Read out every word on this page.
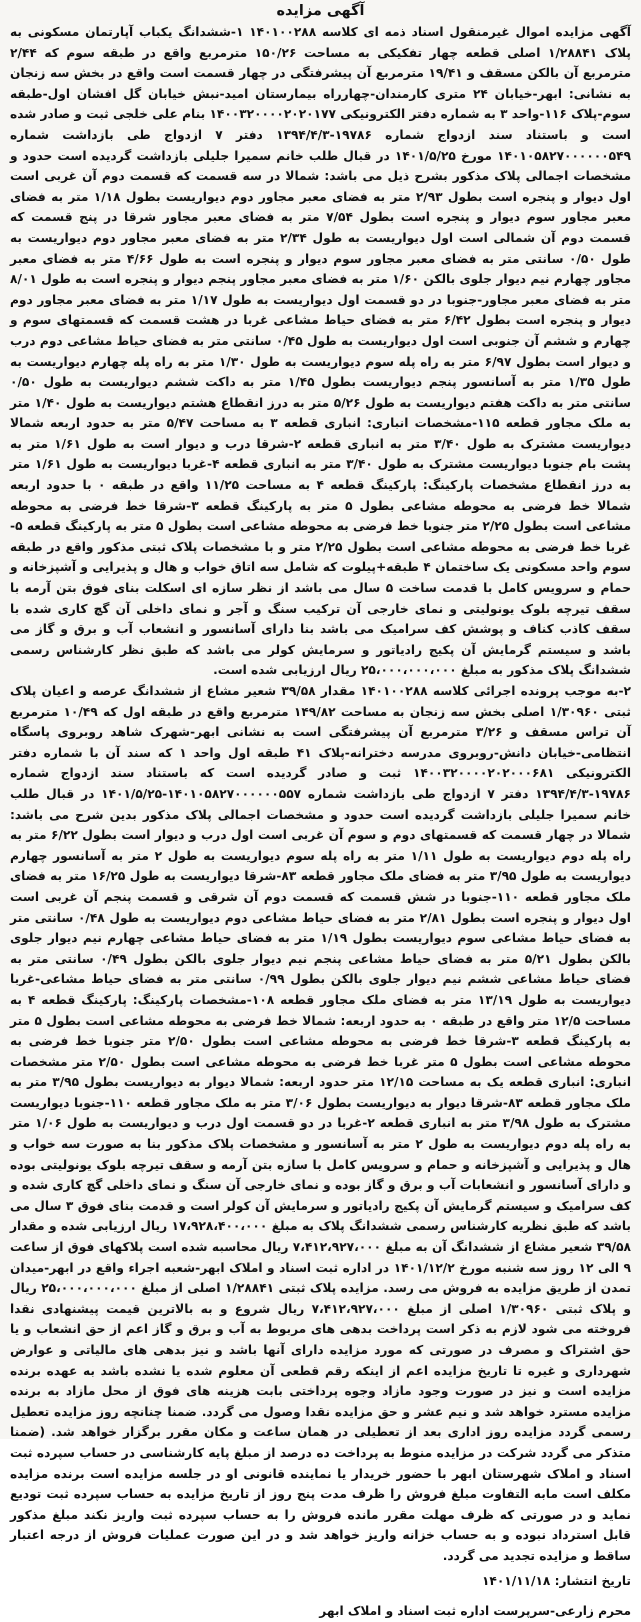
آگهی مزایده

آگهی مزایده اموال غیرمنقول اسناد ذمه ای کلاسه ۱۴۰۱۰۰۲۸۸ ۱-ششدانگ یکباب آپارتمان مسکونی به پلاک ۱/۲۸۸۴۱ اصلی قطعه چهار تفکیکی به مساحت ۱۵۰/۲۶ مترمربع واقع در طبقه سوم که ۲/۴۴ مترمربع آن بالکن مسقف و ۱۹/۴۱ مترمربع آن پیشرفتگی در چهار قسمت است واقع در بخش سه زنجان به نشانی: ابهر-خیابان ۲۴ متری کارمندان-چهارراه بیمارستان امید-نبش خیابان گل افشان اول-طبقه سوم-پلاک ۱۱۶-واحد ۳ به شماره دفتر الکترونیکی ۱۴۰۰۳۲۰۰۰۰۲۰۲۰۱۷۷ بنام علی خلجی ثبت و صادر شده است و باستناد سند ازدواج شماره ۱۹۷۸۶-۱۳۹۴/۴/۳ دفتر ۷ ازدواج طی بازداشت شماره ۱۴۰۱۰۵۸۲۷۰۰۰۰۰۰۵۴۹ مورخ ۱۴۰۱/۵/۲۵ در قبال طلب خانم سمیرا جلیلی بازداشت گردیده است حدود و مشخصات اجمالی پلاک مذکور بشرح ذیل می باشد: شمالا در سه قسمت که قسمت دوم آن غربی است اول دیوار و پنجره است بطول ۲/۹۳ متر به فضای معبر مجاور دوم دیواریست بطول ۱/۱۸ متر به فضای معبر مجاور سوم دیوار و پنجره است بطول ۷/۵۴ متر به فضای معبر مجاور شرقا در پنج قسمت که قسمت دوم آن شمالی است اول دیواریست به طول ۲/۳۴ متر به فضای معبر مجاور دوم دیواریست به طول ۰/۵۰ سانتی متر به فضای معبر مجاور سوم دیوار و پنجره است به طول ۴/۶۶ متر به فضای معبر مجاور چهارم نیم دیوار جلوی بالکن ۱/۶۰ متر به فضای معبر مجاور پنجم دیوار و پنجره است به طول ۸/۰۱ متر به فضای معبر مجاور-جنوبا در دو قسمت اول دیواریست به طول ۱/۱۷ متر به فضای معبر مجاور دوم دیوار و پنجره است بطول ۶/۴۲ متر به فضای حیاط مشاعی غربا در هشت قسمت که قسمتهای سوم و چهارم و ششم آن جنوبی است اول دیواریست به طول ۰/۴۵ سانتی متر به فضای حیاط مشاعی دوم درب و دیوار است بطول ۶/۹۷ متر به راه پله سوم دیواریست به طول ۱/۳۰ متر به راه پله چهارم دیواریست به طول ۱/۳۵ متر به آسانسور پنجم دیواریست بطول ۱/۴۵ متر به داکت ششم دیواریست به طول ۰/۵۰ سانتی متر به داکت هفتم دیواریست به طول ۵/۲۶ متر به درز انقطاع هشتم دیواریست به طول ۱/۴۰ متر به ملک مجاور قطعه ۱۱۵-مشخصات انباری: انباری قطعه ۳ به مساحت ۵/۴۷ متر به حدود اربعه شمالا دیواریست مشترک به طول ۳/۴۰ متر به انباری قطعه ۲-شرقا درب و دیوار است به طول ۱/۶۱ متر به پشت بام جنوبا دیواریست مشترک به طول ۳/۴۰ متر به انباری قطعه ۴-غربا دیواریست به طول ۱/۶۱ متر به درز انقطاع مشخصات پارکینگ: پارکینگ قطعه ۴ به مساحت ۱۱/۲۵ واقع در طبقه ۰ با حدود اربعه شمالا خط فرضی به محوطه مشاعی بطول ۵ متر به پارکینگ قطعه ۳-شرقا خط فرضی به محوطه مشاعی است بطول ۲/۲۵ متر جنوبا خط فرضی به محوطه مشاعی است بطول ۵ متر به پارکینگ قطعه ۵-غربا خط فرضی به محوطه مشاعی است بطول ۲/۲۵ متر و با مشخصات پلاک ثبتی مذکور واقع در طبقه سوم واحد مسکونی یک ساختمان ۴ طبقه+پیلوت که شامل سه اتاق خواب و هال و پذیرایی و آشپزخانه و حمام و سرویس کامل با قدمت ساخت ۵ سال می باشد از نظر سازه ای اسکلت بنای فوق بتن آرمه با سقف تیرچه بلوک یونولیتی و نمای خارجی آن ترکیب سنگ و آجر و نمای داخلی آن گچ کاری شده با سقف کاذب کناف و پوشش کف سرامیک می باشد بنا دارای آسانسور و انشعاب آب و برق و گاز می باشد و سیستم گرمایش آن پکیج رادیاتور و سرمایش کولر می باشد که طبق نظر کارشناس رسمی ششدانگ پلاک مذکور به مبلغ ۲۵،۰۰۰،۰۰۰،۰۰۰ ریال ارزیابی شده است.

۲-به موجب پرونده اجرائی کلاسه ۱۴۰۱۰۰۲۸۸ مقدار ۳۹/۵۸ شعیر مشاع از ششدانگ عرصه و اعیان پلاک ثبتی ۱/۳۰۹۶۰ اصلی بخش سه زنجان به مساحت ۱۴۹/۸۲ مترمربع واقع در طبقه اول که ۱۰/۴۹ مترمربع آن تراس مسقف و ۳/۲۶ مترمربع آن پیشرفتگی است به نشانی ابهر-شهرک شاهد روبروی پاسگاه انتظامی-خیابان دانش-روبروی مدرسه دخترانه-پلاک ۴۱ طبقه اول واحد ۱ که سند آن با شماره دفتر الکترونیکی ۱۴۰۰۳۲۰۰۰۰۲۰۲۰۰۰۶۸۱ ثبت و صادر گردیده است که باستناد سند ازدواج شماره ۱۹۷۸۶-۱۳۹۴/۴/۳ دفتر ۷ ازدواج طی بازداشت شماره ۱۴۰۱۰۵۸۲۷۰۰۰۰۰۰۵۵۷-۱۴۰۱/۵/۲۵ در قبال طلب خانم سمیرا جلیلی بازداشت گردیده است حدود و مشخصات اجمالی پلاک مذکور بدین شرح می باشد: شمالا در چهار قسمت که قسمتهای دوم و سوم آن غربی است اول درب و دیوار است بطول ۶/۲۲ متر به راه پله دوم دیواریست به طول ۱/۱۱ متر به راه پله سوم دیواریست به طول ۲ متر به آسانسور چهارم دیواریست به طول ۳/۹۵ متر به فضای ملک مجاور قطعه ۸۳-شرقا دیواریست به طول ۱۶/۲۵ متر به فضای ملک مجاور قطعه ۱۱۰-جنوبا در شش قسمت که قسمت دوم آن شرقی و قسمت پنجم آن غربی است اول دیوار و پنجره است بطول ۲/۸۱ متر به فضای حیاط مشاعی دوم دیواریست به طول ۰/۴۸ سانتی متر به فضای حیاط مشاعی سوم دیواریست بطول ۱/۱۹ متر به فضای حیاط مشاعی چهارم نیم دیوار جلوی بالکن بطول ۵/۲۱ متر به فضای حیاط مشاعی پنجم نیم دیوار جلوی بالکن بطول ۰/۴۹ سانتی متر به فضای حیاط مشاعی ششم نیم دیوار جلوی بالکن بطول ۰/۹۹ سانتی متر به فضای حیاط مشاعی-غربا دیواریست به طول ۱۳/۱۹ متر به فضای ملک مجاور قطعه ۱۰۸-مشخصات پارکینگ: پارکینگ قطعه ۴ به مساحت ۱۲/۵ متر واقع در طبقه ۰ به حدود اربعه: شمالا خط فرضی به محوطه مشاعی است بطول ۵ متر به پارکینگ قطعه ۳-شرقا خط فرضی به محوطه مشاعی است بطول ۲/۵۰ متر جنوبا خط فرضی به محوطه مشاعی است بطول ۵ متر غربا خط فرضی به محوطه مشاعی است بطول ۲/۵۰ متر مشخصات انباری: انباری قطعه یک به مساحت ۱۲/۱۵ متر حدود اربعه: شمالا دیوار به دیواریست بطول ۳/۹۵ متر به ملک مجاور قطعه ۸۳-شرقا دیوار به دیواریست بطول ۳/۰۶ متر به ملک مجاور قطعه ۱۱۰-جنوبا دیواریست مشترک به طول ۳/۹۸ متر به انباری قطعه ۲-غربا در دو قسمت اول درب و دیواریست به طول ۱/۰۶ متر به راه پله دوم دیواریست به طول ۲ متر به آسانسور و مشخصات پلاک مذکور بنا به صورت سه خواب و هال و پذیرایی و آشپزخانه و حمام و سرویس کامل با سازه بتن آرمه و سقف تیرچه بلوک یونولیتی بوده و دارای آسانسور و انشعابات آب و برق و گاز بوده و نمای خارجی آن سنگ و نمای داخلی گچ کاری شده و کف سرامیک و سیستم گرمایش آن پکیج رادیاتور و سرمایش آن کولر است و قدمت بنای فوق ۳ سال می باشد که طبق نظریه کارشناس رسمی ششدانگ پلاک به مبلغ ۱۷،۹۲۸،۴۰۰،۰۰۰ ریال ارزیابی شده و مقدار ۳۹/۵۸ شعیر مشاع از ششدانگ آن به مبلغ ۷،۴۱۲،۹۲۷،۰۰۰ ریال محاسبه شده است پلاکهای فوق از ساعت ۹ الی ۱۲ روز سه شنبه مورخ ۱۴۰۱/۱۲/۲ در اداره ثبت اسناد و املاک ابهر-شعبه اجراء واقع در ابهر-میدان تمدن از طریق مزایده به فروش می رسد. مزایده پلاک ثبتی ۱/۲۸۸۴۱ اصلی از مبلغ ۲۵،۰۰۰،۰۰۰،۰۰۰ ریال و پلاک ثبتی ۱/۳۰۹۶۰ اصلی از مبلغ ۷،۴۱۲،۹۲۷،۰۰۰ ریال شروع و به بالاترین قیمت پیشنهادی نقدا فروخته می شود لازم به ذکر است پرداخت بدهی های مربوط به آب و برق و گاز اعم از حق انشعاب و یا حق اشتراک و مصرف در صورتی که مورد مزایده دارای آنها باشد و نیز بدهی های مالیاتی و عوارض شهرداری و غیره تا تاریخ مزایده اعم از اینکه رقم قطعی آن معلوم شده یا نشده باشد به عهده برنده مزایده است و نیز در صورت وجود مازاد وجوه پرداختی بابت هزینه های فوق از محل مازاد به برنده مزایده مسترد خواهد شد و نیم عشر و حق مزایده نقدا وصول می گردد. ضمنا چنانچه روز مزایده تعطیل رسمی گردد مزایده روز اداری بعد از تعطیلی در همان ساعت و مکان مقرر برگزار خواهد شد. (ضمنا متذکر می گردد شرکت در مزایده منوط به پرداخت ده درصد از مبلغ پایه کارشناسی در حساب سپرده ثبت اسناد و املاک شهرستان ابهر با حضور خریدار یا نماینده قانونی او در جلسه مزایده است برنده مزایده مکلف است مابه التفاوت مبلغ فروش را ظرف مدت پنج روز از تاریخ مزایده به حساب سپرده ثبت تودیع نماید و در صورتی که ظرف مهلت مقرر مانده فروش را به حساب سپرده ثبت واریز نکند مبلغ مذکور قابل استرداد نبوده و به حساب خزانه واریز خواهد شد و در این صورت عملیات فروش از درجه اعتبار ساقط و مزایده تجدید می گردد.

تاریخ انتشار: ۱۴۰۱/۱۱/۱۸
محرم زارعی-سرپرست اداره ثبت اسناد و املاک ابهر
